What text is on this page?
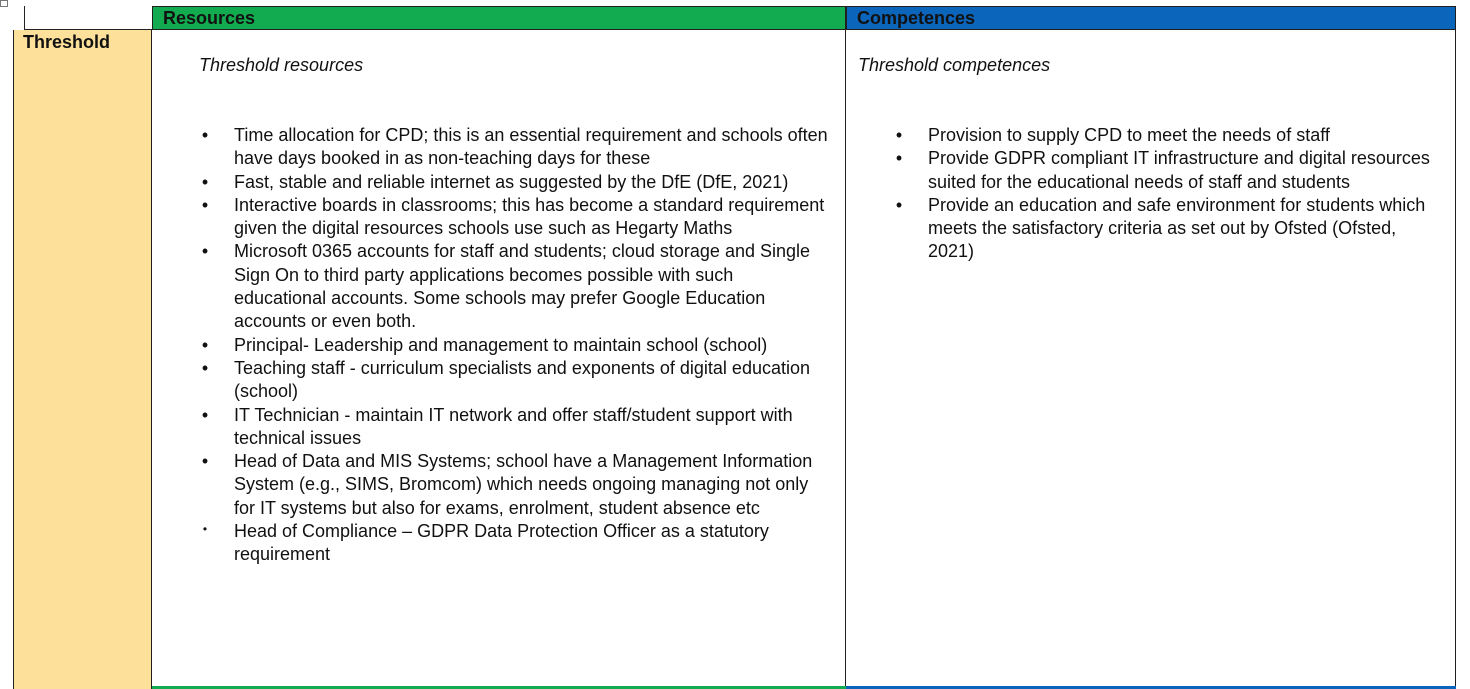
Resources	Competences
Threshold
Threshold resources
• Time allocation for CPD; this is an essential requirement and schools often have days booked in as non-teaching days for these
• Fast, stable and reliable internet as suggested by the DfE (DfE, 2021)
• Interactive boards in classrooms; this has become a standard requirement given the digital resources schools use such as Hegarty Maths
• Microsoft 0365 accounts for staff and students; cloud storage and Single Sign On to third party applications becomes possible with such educational accounts. Some schools may prefer Google Education accounts or even both.
• Principal- Leadership and management to maintain school (school)
• Teaching staff - curriculum specialists and exponents of digital education (school)
• IT Technician - maintain IT network and offer staff/student support with technical issues
• Head of Data and MIS Systems; school have a Management Information System (e.g., SIMS, Bromcom) which needs ongoing managing not only for IT systems but also for exams, enrolment, student absence etc
• Head of Compliance – GDPR Data Protection Officer as a statutory requirement
Threshold competences
• Provision to supply CPD to meet the needs of staff
• Provide GDPR compliant IT infrastructure and digital resources suited for the educational needs of staff and students
• Provide an education and safe environment for students which meets the satisfactory criteria as set out by Ofsted (Ofsted, 2021)
